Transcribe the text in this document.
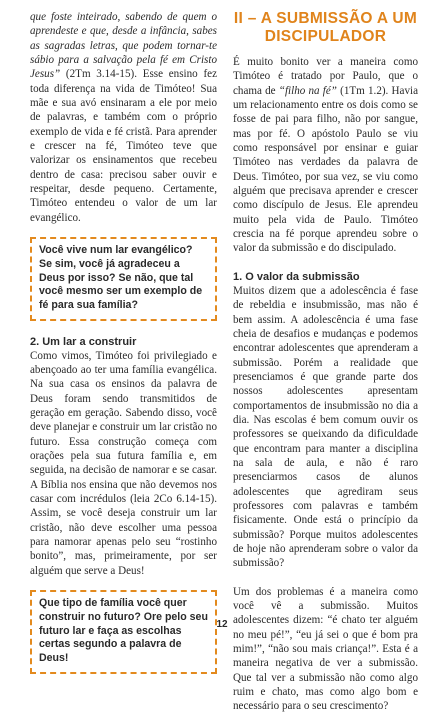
que foste inteirado, sabendo de quem o aprendeste e que, desde a infância, sabes as sagradas letras, que podem tornar-te sábio para a salvação pela fé em Cristo Jesus” (2Tm 3.14-15). Esse ensino fez toda diferença na vida de Timóteo! Sua mãe e sua avó ensinaram a ele por meio de palavras, e também com o próprio exemplo de vida e fé cristã. Para aprender e crescer na fé, Timóteo teve que valorizar os ensinamentos que recebeu dentro de casa: precisou saber ouvir e respeitar, desde pequeno. Certamente, Timóteo entendeu o valor de um lar evangélico.

Você vive num lar evangélico? Se sim, você já agradeceu a Deus por isso? Se não, que tal você mesmo ser um exemplo de fé para sua família?
2. Um lar a construir

Como vimos, Timóteo foi privilegiado e abençoado ao ter uma família evangélica. Na sua casa os ensinos da palavra de Deus foram sendo transmitidos de geração em geração. Sabendo disso, você deve planejar e construir um lar cristão no futuro. Essa construção começa com orações pela sua futura família e, em seguida, na decisão de namorar e se casar. A Bíblia nos ensina que não devemos nos casar com incrédulos (leia 2Co 6.14-15). Assim, se você deseja construir um lar cristão, não deve escolher uma pessoa para namorar apenas pelo seu “rostinho bonito”, mas, primeiramente, por ser alguém que serve a Deus!

Que tipo de família você quer construir no futuro? Ore pelo seu futuro lar e faça as escolhas certas segundo a palavra de Deus!
II – A SUBMISSÃO A UM DISCIPULADOR

É muito bonito ver a maneira como Timóteo é tratado por Paulo, que o chama de “filho na fé” (1Tm 1.2). Havia um relacionamento entre os dois como se fosse de pai para filho, não por sangue, mas por fé. O apóstolo Paulo se viu como responsável por ensinar e guiar Timóteo nas verdades da palavra de Deus. Timóteo, por sua vez, se viu como alguém que precisava aprender e crescer como discípulo de Jesus. Ele aprendeu muito pela vida de Paulo. Timóteo crescia na fé porque aprendeu sobre o valor da submissão e do discipulado.

1. O valor da submissão

Muitos dizem que a adolescência é fase de rebeldia e insubmissão, mas não é bem assim. A adolescência é uma fase cheia de desafios e mudanças e podemos encontrar adolescentes que aprenderam a submissão. Porém a realidade que presenciamos é que grande parte dos nossos adolescentes apresentam comportamentos de insubmissão no dia a dia. Nas escolas é bem comum ouvir os professores se queixando da dificuldade que encontram para manter a disciplina na sala de aula, e não é raro presenciarmos casos de alunos adolescentes que agrediram seus professores com palavras e também fisicamente. Onde está o princípio da submissão? Porque muitos adolescentes de hoje não aprenderam sobre o valor da submissão?

Um dos problemas é a maneira como você vê a submissão. Muitos adolescentes dizem: “é chato ter alguém no meu pé!”, “eu já sei o que é bom pra mim!”, “não sou mais criança!”. Esta é a maneira negativa de ver a submissão. Que tal ver a submissão não como algo ruim e chato, mas como algo bom e necessário para o seu crescimento?

12
